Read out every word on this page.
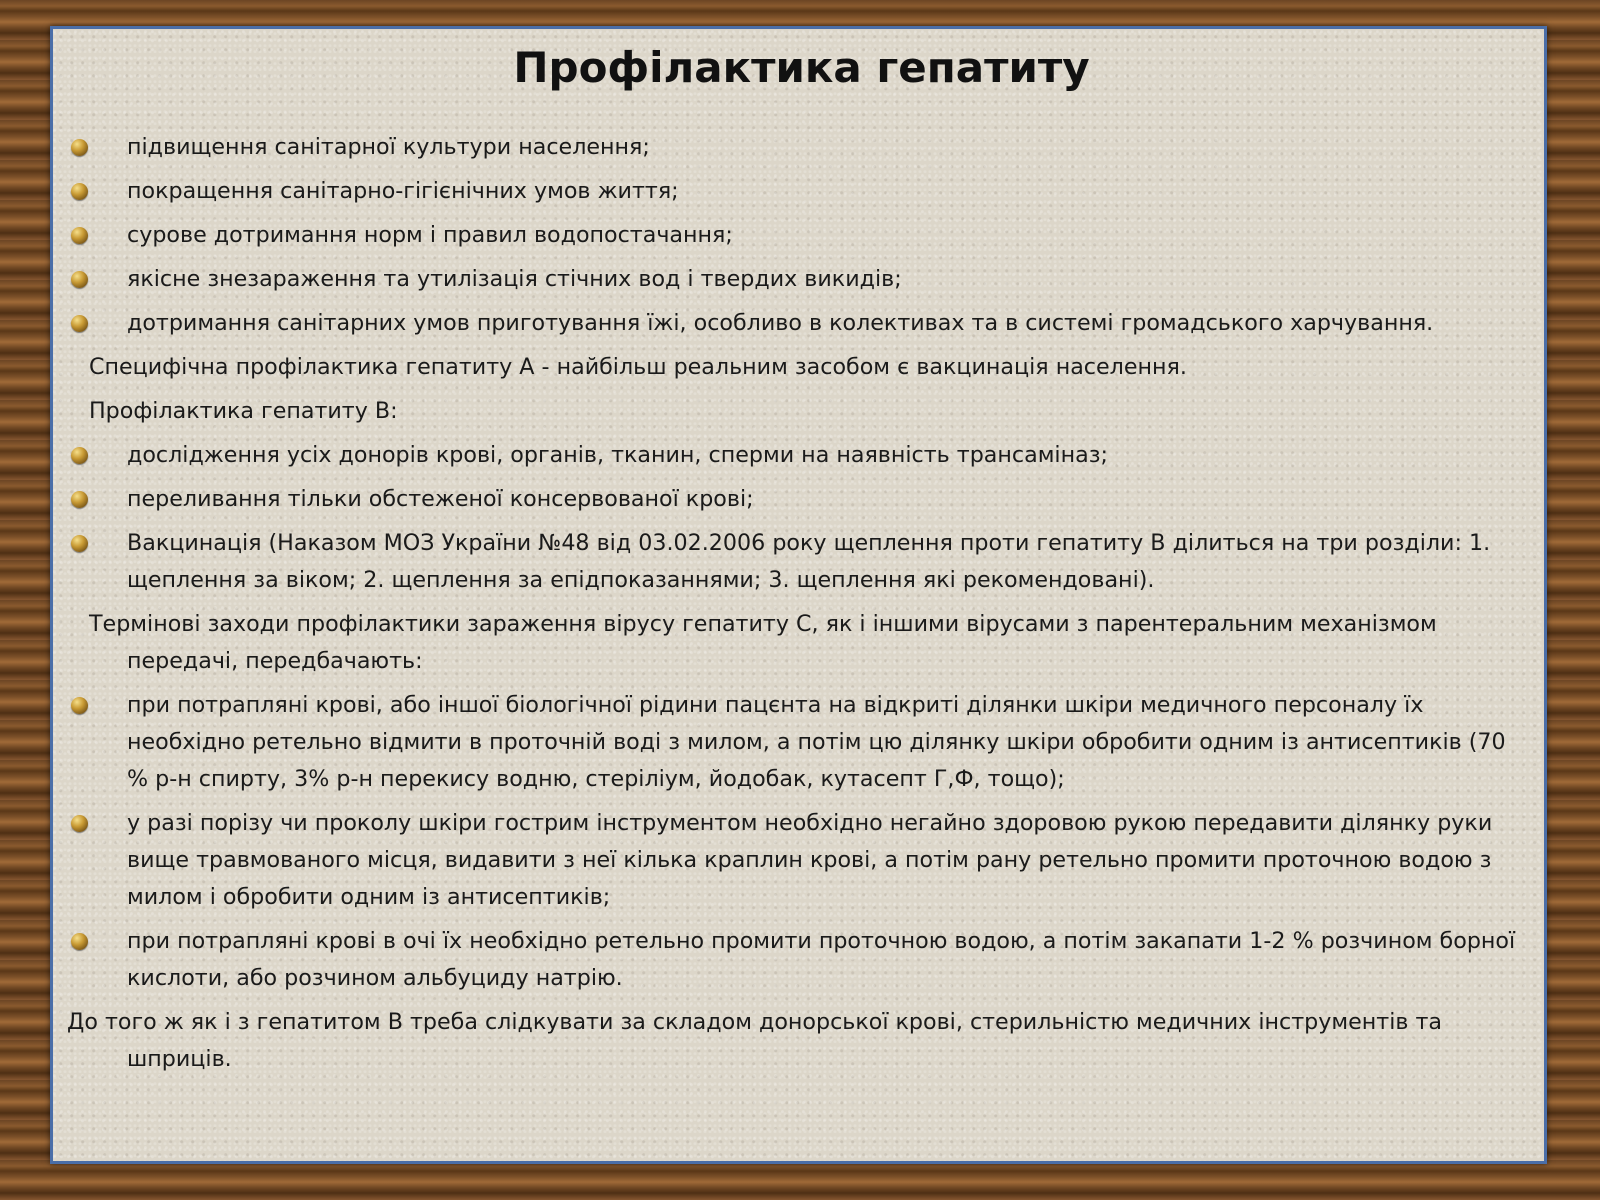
Профілактика гепатиту
підвищення санітарної культури населення;
покращення санітарно-гігієнічних умов життя;
сурове дотримання норм і правил водопостачання;
якісне знезараження та утилізація стічних вод і твердих викидів;
дотримання санітарних умов приготування їжі, особливо в колективах та в системі громадського харчування.
Специфічна профілактика гепатиту А - найбільш реальним засобом є вакцинація населення.
Профілактика гепатиту В:
дослідження усіх донорів крові, органів, тканин, сперми на наявність трансаміназ;
переливання тільки обстеженої консервованої крові;
Вакцинація (Наказом МОЗ України №48 від 03.02.2006 року щеплення проти гепатиту В ділиться на три розділи: 1. щеплення за віком; 2. щеплення за епідпоказаннями; 3. щеплення які рекомендовані).
Термінові заходи профілактики зараження вірусу гепатиту С, як і іншими вірусами з парентеральним механізмом передачі, передбачають:
при потрапляні крові, або іншої біологічної рідини пацєнта на відкриті ділянки шкіри медичного персоналу їх необхідно ретельно відмити в проточній воді з милом, а потім цю ділянку шкіри обробити одним із антисептиків (70 % р-н спирту, 3% р-н перекису водню, стеріліум, йодобак, кутасепт Г,Ф, тощо);
у разі порізу чи проколу шкіри гострим інструментом необхідно негайно здоровою рукою передавити ділянку руки вище травмованого місця, видавити з неї кілька краплин крові, а потім рану ретельно промити проточною водою з милом і обробити одним із антисептиків;
при потрапляні крові в очі їх необхідно ретельно промити проточною водою, а потім закапати 1-2 % розчином борної кислоти, або розчином альбуциду натрію.
До того ж як і з гепатитом В треба слідкувати за складом донорської крові, стерильністю медичних інструментів та шприців.
